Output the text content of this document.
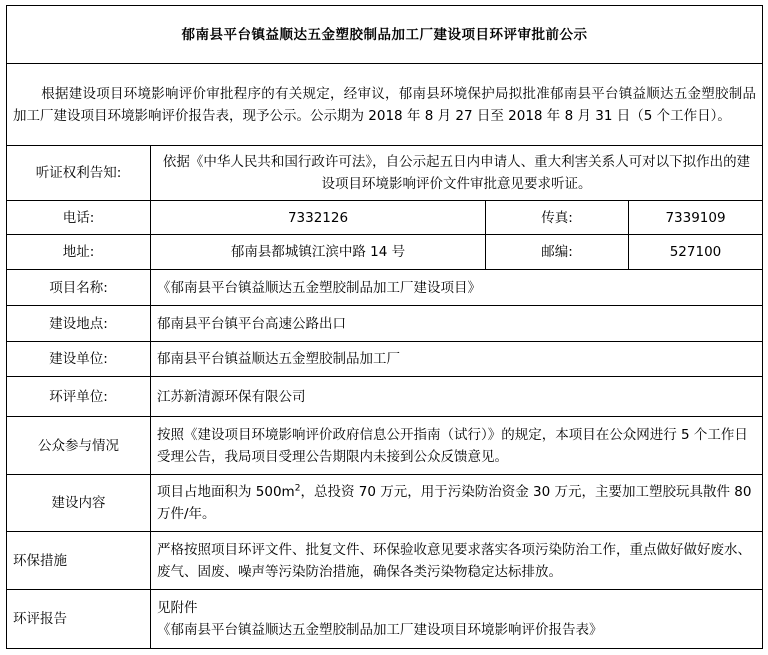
郁南县平台镇益顺达五金塑胶制品加工厂建设项目环评审批前公示			
根据建设项目环境影响评价审批程序的有关规定，经审议，郁南县环境保护局拟批准郁南县平台镇益顺达五金塑胶制品加工厂建设项目环境影响评价报告表，现予公示。公示期为 2018 年 8 月 27 日至 2018 年 8 月 31 日（5 个工作日）。			
听证权利告知:	依据《中华人民共和国行政许可法》，自公示起五日内申请人、重大利害关系人可对以下拟作出的建设项目环境影响评价文件审批意见要求听证。		
电话:	7332126	传真:	7339109
地址:	郁南县都城镇江滨中路 14 号	邮编:	527100
项目名称:	《郁南县平台镇益顺达五金塑胶制品加工厂建设项目》		
建设地点:	郁南县平台镇平台高速公路出口		
建设单位:	郁南县平台镇益顺达五金塑胶制品加工厂		
环评单位:	江苏新清源环保有限公司		
公众参与情况	按照《建设项目环境影响评价政府信息公开指南（试行）》的规定，本项目在公众网进行 5 个工作日受理公告，我局项目受理公告期限内未接到公众反馈意见。		
建设内容	项目占地面积为 $500m^2$，总投资 70 万元，用于污染防治资金 30 万元，主要加工塑胶玩具散件 80 万件/年。		
环保措施	严格按照项目环评文件、批复文件、环保验收意见要求落实各项污染防治工作，重点做好做好废水、废气、固废、噪声等污染防治措施，确保各类污染物稳定达标排放。		
环评报告	见附件
《郁南县平台镇益顺达五金塑胶制品加工厂建设项目环境影响评价报告表》		
